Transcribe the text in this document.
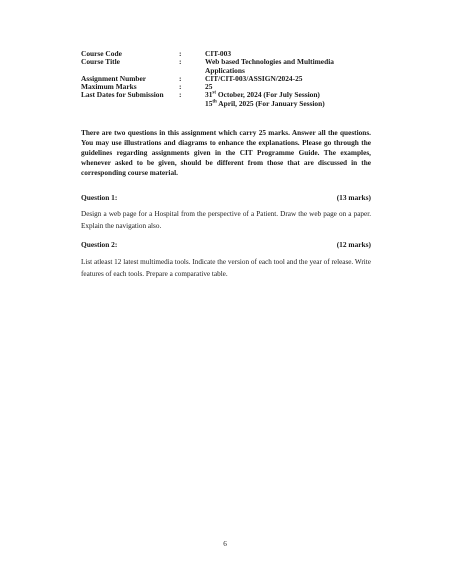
Course Code	:	CIT-003
Course Title	:	Web based Technologies and Multimedia
Applications
Assignment Number	:	CIT/CIT-003/ASSIGN/2024-25
Maximum Marks	:	25
Last Dates for Submission	:	31st October, 2024 (For July Session)
15th April, 2025 (For January Session)
There are two questions in this assignment which carry 25 marks. Answer all the questions. You may use illustrations and diagrams to enhance the explanations. Please go through the guidelines regarding assignments given in the CIT Programme Guide. The examples, whenever asked to be given, should be different from those that are discussed in the corresponding course material.
Question 1:	(13 marks)
Design a web page for a Hospital from the perspective of a Patient. Draw the web page on a paper. Explain the navigation also.
Question 2:	(12 marks)
List atleast 12 latest multimedia tools. Indicate the version of each tool and the year of release. Write features of each tools. Prepare a comparative table.
6
